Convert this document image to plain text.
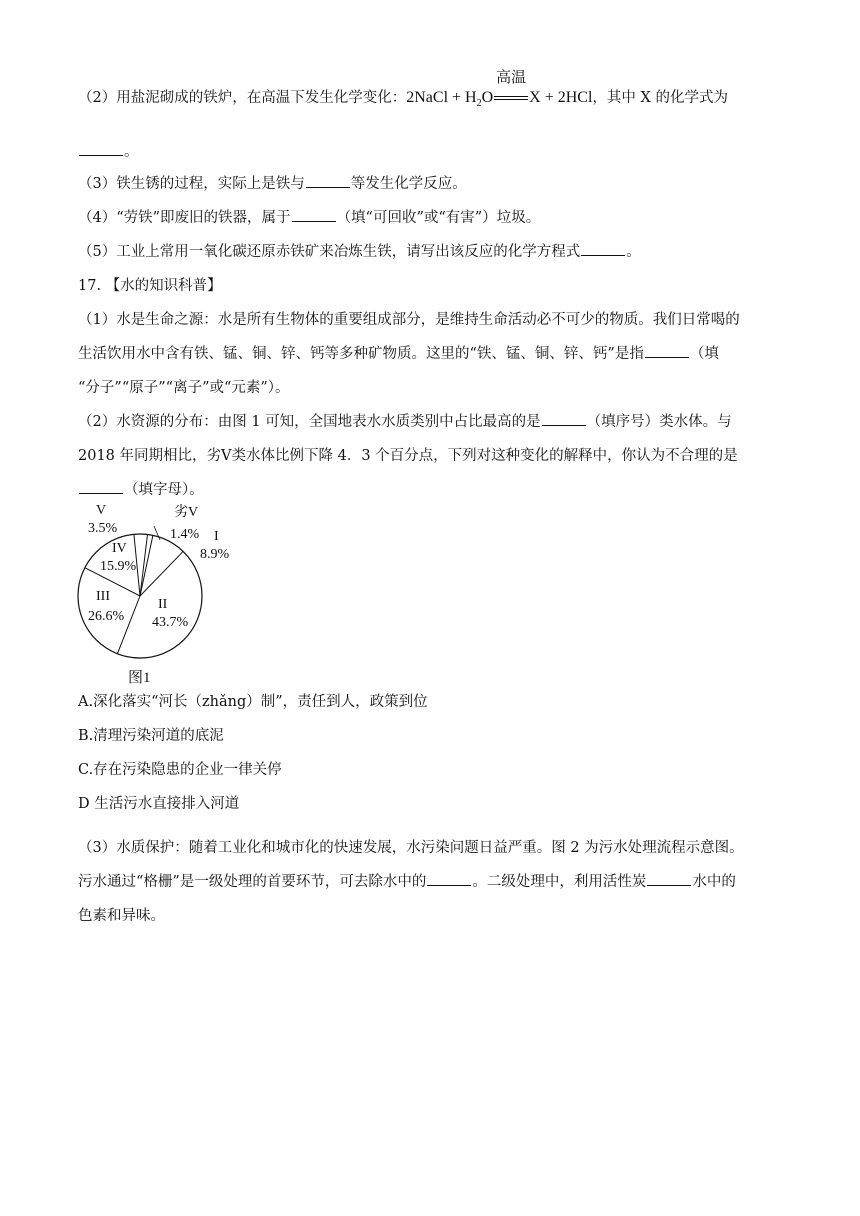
（2）用盐泥砌成的铁炉，在高温下发生化学变化：2NaCl + $H_2O$
高温
X + 2HCl，其中 X 的化学式为
。
（3）铁生锈的过程，实际上是铁与	等发生化学反应。
（4）“劳铁”即废旧的铁器，属于	（填“可回收”或“有害”）垃圾。
（5）工业上常用一氧化碳还原赤铁矿来冶炼生铁，请写出该反应的化学方程式	。
17. 【水的知识科普】
（1）水是生命之源：水是所有生物体的重要组成部分，是维持生命活动必不可少的物质。我们日常喝的
生活饮用水中含有铁、锰、铜、锌、钙等多种矿物质。这里的“铁、锰、铜、锌、钙”是指	（填
“分子”“原子”“离子”或“元素”）。
（2）水资源的分布：由图 1 可知，全国地表水水质类别中占比最高的是	（填序号）类水体。与
2018 年同期相比，劣Ⅴ类水体比例下降 4．3 个百分点，下列对这种变化的解释中，你认为不合理的是
（填字母）。
I
8.9%
II
43.7%
III
26.6%
IV
15.9%
V
3.5%
劣V
1.4%
图1
A.深化落实“河长（zhǎng）制”，责任到人，政策到位
B.清理污染河道的底泥
C.存在污染隐患的企业一律关停
D 生活污水直接排入河道
（3）水质保护：随着工业化和城市化的快速发展，水污染问题日益严重。图 2 为污水处理流程示意图。
污水通过“格栅”是一级处理的首要环节，可去除水中的	。二级处理中，利用活性炭	水中的
色素和异味。
